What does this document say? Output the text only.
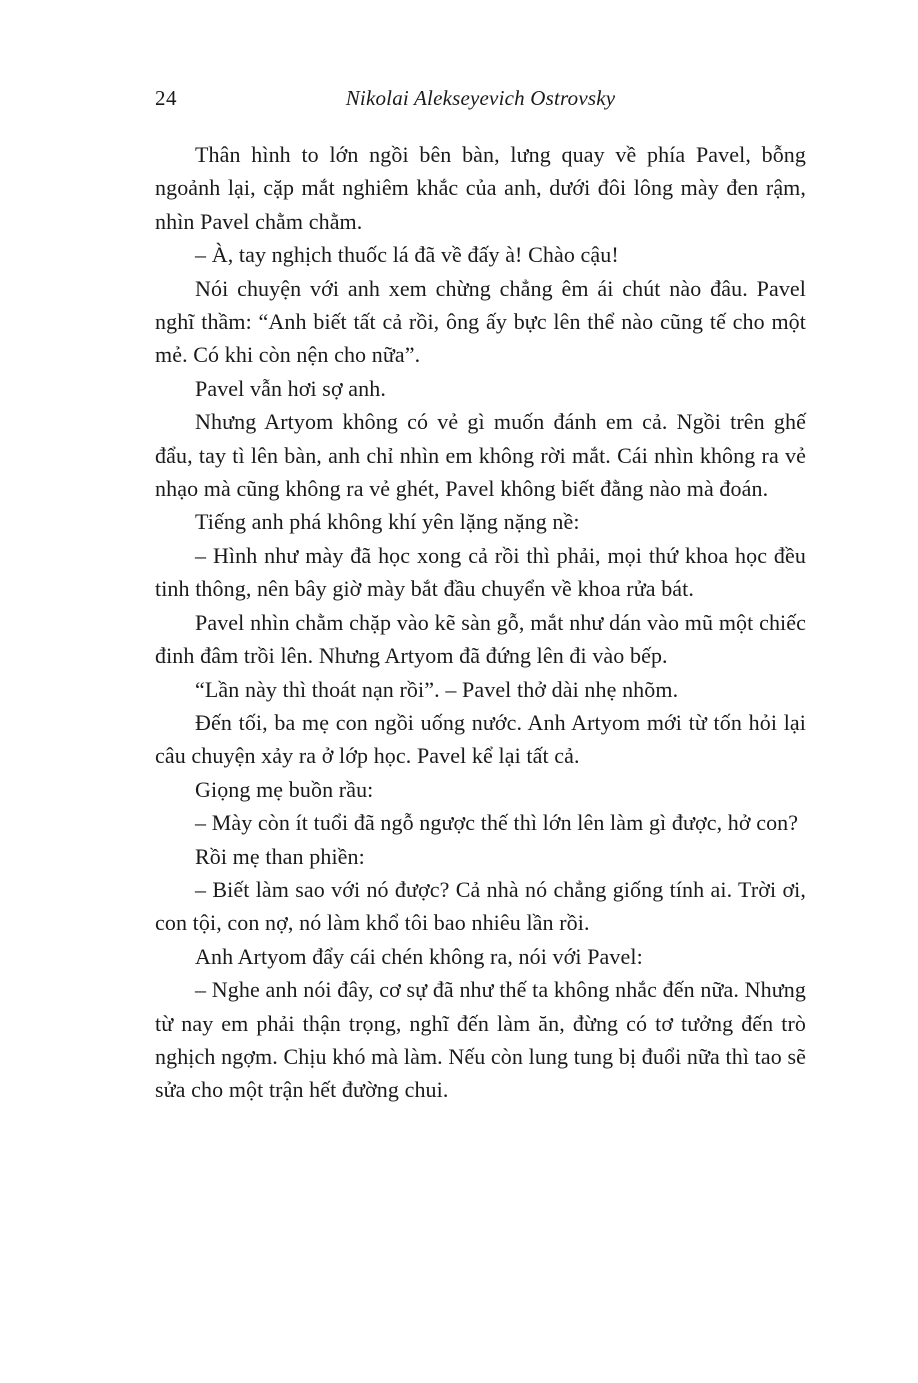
24	Nikolai Alekseyevich Ostrovsky

Thân hình to lớn ngồi bên bàn, lưng quay về phía Pavel, bỗng ngoảnh lại, cặp mắt nghiêm khắc của anh, dưới đôi lông mày đen rậm, nhìn Pavel chằm chằm.

– À, tay nghịch thuốc lá đã về đấy à! Chào cậu!

Nói chuyện với anh xem chừng chẳng êm ái chút nào đâu. Pavel nghĩ thầm: “Anh biết tất cả rồi, ông ấy bực lên thể nào cũng tế cho một mẻ. Có khi còn nện cho nữa”.

Pavel vẫn hơi sợ anh.

Nhưng Artyom không có vẻ gì muốn đánh em cả. Ngồi trên ghế đẩu, tay tì lên bàn, anh chỉ nhìn em không rời mắt. Cái nhìn không ra vẻ nhạo mà cũng không ra vẻ ghét, Pavel không biết đằng nào mà đoán.

Tiếng anh phá không khí yên lặng nặng nề:

– Hình như mày đã học xong cả rồi thì phải, mọi thứ khoa học đều tinh thông, nên bây giờ mày bắt đầu chuyển về khoa rửa bát.

Pavel nhìn chằm chặp vào kẽ sàn gỗ, mắt như dán vào mũ một chiếc đinh đâm trồi lên. Nhưng Artyom đã đứng lên đi vào bếp.

“Lần này thì thoát nạn rồi”. – Pavel thở dài nhẹ nhõm.

Đến tối, ba mẹ con ngồi uống nước. Anh Artyom mới từ tốn hỏi lại câu chuyện xảy ra ở lớp học. Pavel kể lại tất cả.

Giọng mẹ buồn rầu:

– Mày còn ít tuổi đã ngỗ ngược thế thì lớn lên làm gì được, hở con?

Rồi mẹ than phiền:

– Biết làm sao với nó được? Cả nhà nó chẳng giống tính ai. Trời ơi, con tội, con nợ, nó làm khổ tôi bao nhiêu lần rồi.

Anh Artyom đẩy cái chén không ra, nói với Pavel:

– Nghe anh nói đây, cơ sự đã như thế ta không nhắc đến nữa. Nhưng từ nay em phải thận trọng, nghĩ đến làm ăn, đừng có tơ tưởng đến trò nghịch ngợm. Chịu khó mà làm. Nếu còn lung tung bị đuổi nữa thì tao sẽ sửa cho một trận hết đường chui.
